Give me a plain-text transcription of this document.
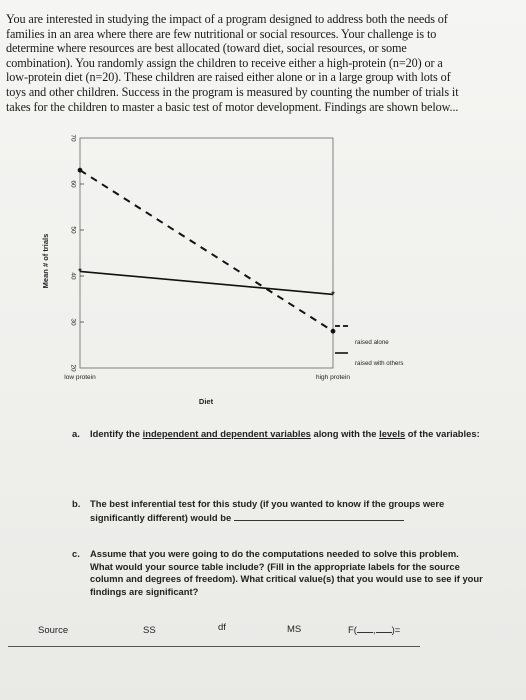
You are interested in studying the impact of a program designed to address both the needs of
families in an area where there are few nutritional or social resources. Your challenge is to
determine where resources are best allocated (toward diet, social resources, or some
combination). You randomly assign the children to receive either a high-protein (n=20) or a
low-protein diet (n=20). These children are raised either alone or in a large group with lots of
toys and other children. Success in the program is measured by counting the number of trials it
takes for the children to master a basic test of motor development. Findings are shown below...
20
30
40
50
60
70
Mean # of trials
low protein	high protein
Diet
*
*
raised alone
raised with others
a. Identify the independent and dependent variables along with the levels of the variables:
b. The best inferential test for this study (if you wanted to know if the groups were
significantly different) would be
c. Assume that you were going to do the computations needed to solve this problem.
What would your source table include? (Fill in the appropriate labels for the source
column and degrees of freedom). What critical value(s) that you would use to see if your
findings are significant?
Source	SS	df	MS	F( , )=
